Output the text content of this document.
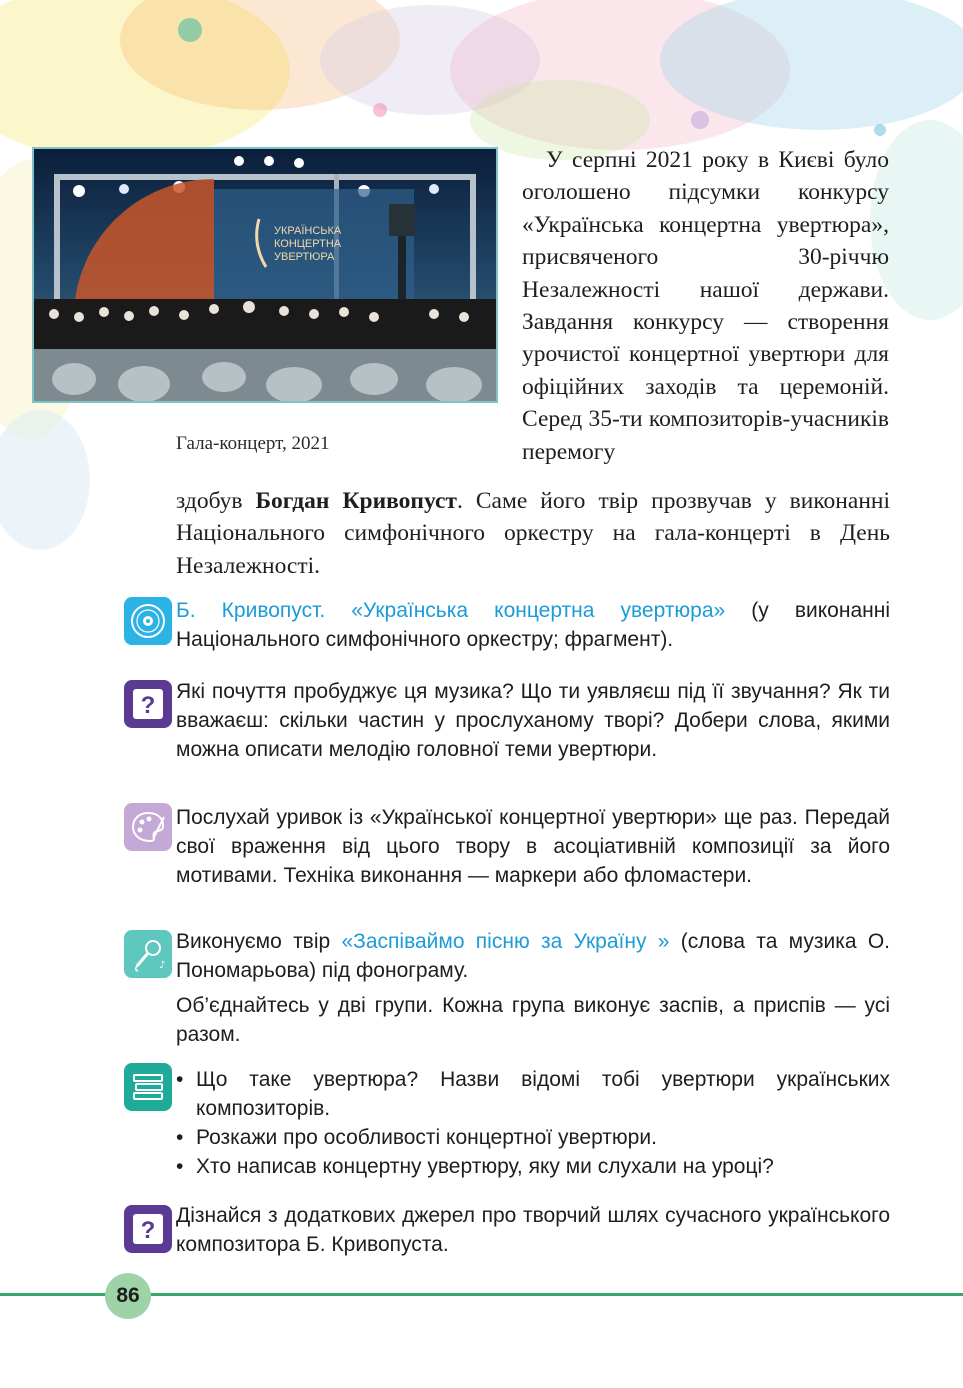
УКРАЇНСЬКА
КОНЦЕРТНА
УВЕРТЮРА
Гала-концерт, 2021
У серпні 2021 року в Києві було оголошено підсумки конкурсу «Українська концертна увертюра», присвяченого 30-річчю Незалежності нашої держави. Завдання конкурсу — створення урочистої концертної увертюри для офіційних заходів та церемоній. Серед 35-ти композиторів-учасників перемогу
здобув Богдан Кривопуст. Саме його твір прозвучав у виконанні Національного симфонічного оркестру на гала-концерті в День Незалежності.
Б. Кривопуст. «Українська концертна увертюра» (у виконанні Національного симфонічного оркестру; фрагмент).
?
Які почуття пробуджує ця музика? Що ти уявляєш під її звучання? Як ти вважаєш: скільки частин у прослуханому творі? Добери слова, якими можна описати мелодію головної теми увертюри.
Послухай уривок із «Української концертної увертюри» ще раз. Передай свої враження від цього твору в асоціативній композиції за його мотивами. Техніка виконання — маркери або фломастери.
♪
Виконуємо твір «Заспіваймо пісню за Україну » (слова та музика О. Пономарьова) під фонограму.
Об’єднайтесь у дві групи. Кожна група виконує заспів, а приспів — усі разом.
• Що таке увертюра? Назви відомі тобі увертюри українських композиторів.
• Розкажи про особливості концертної увертюри.
• Хто написав концертну увертюру, яку ми слухали на уроці?
?
Дізнайся з додаткових джерел про творчий шлях сучасного українського композитора Б. Кривопуста.
86
